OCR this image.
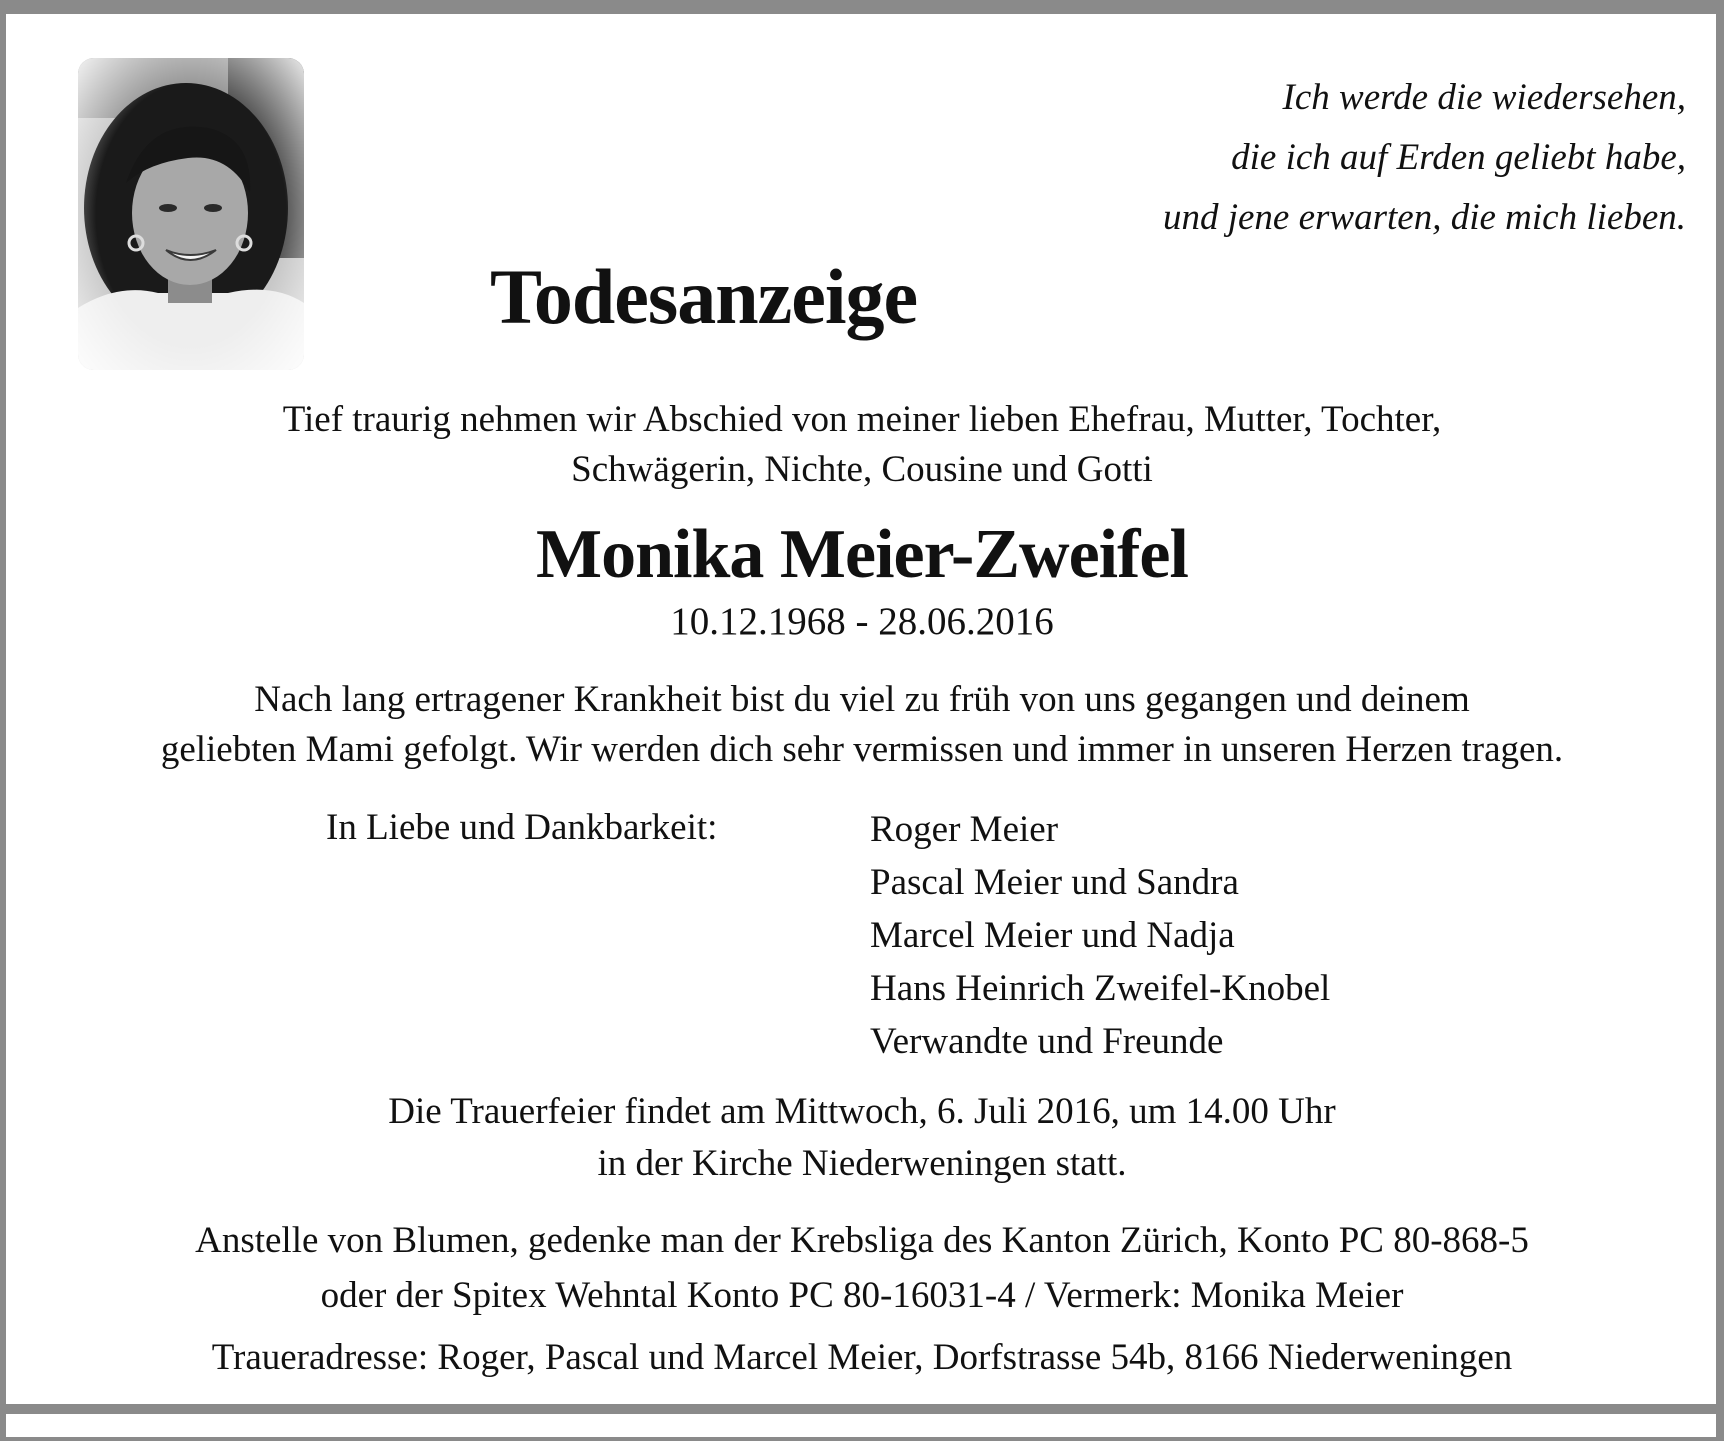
Ich werde die wiedersehen,
die ich auf Erden geliebt habe,
und jene erwarten, die mich lieben.
Todesanzeige
Tief traurig nehmen wir Abschied von meiner lieben Ehefrau, Mutter, Tochter,
Schwägerin, Nichte, Cousine und Gotti
Monika Meier-Zweifel
10.12.1968 - 28.06.2016
Nach lang ertragener Krankheit bist du viel zu früh von uns gegangen und deinem
geliebten Mami gefolgt. Wir werden dich sehr vermissen und immer in unseren Herzen tragen.
In Liebe und Dankbarkeit:	Roger Meier
Pascal Meier und Sandra
Marcel Meier und Nadja
Hans Heinrich Zweifel-Knobel
Verwandte und Freunde
Die Trauerfeier findet am Mittwoch, 6. Juli 2016, um 14.00 Uhr
in der Kirche Niederweningen statt.
Anstelle von Blumen, gedenke man der Krebsliga des Kanton Zürich, Konto PC 80-868-5
oder der Spitex Wehntal Konto PC 80-16031-4 / Vermerk: Monika Meier
Traueradresse: Roger, Pascal und Marcel Meier, Dorfstrasse 54b, 8166 Niederweningen
